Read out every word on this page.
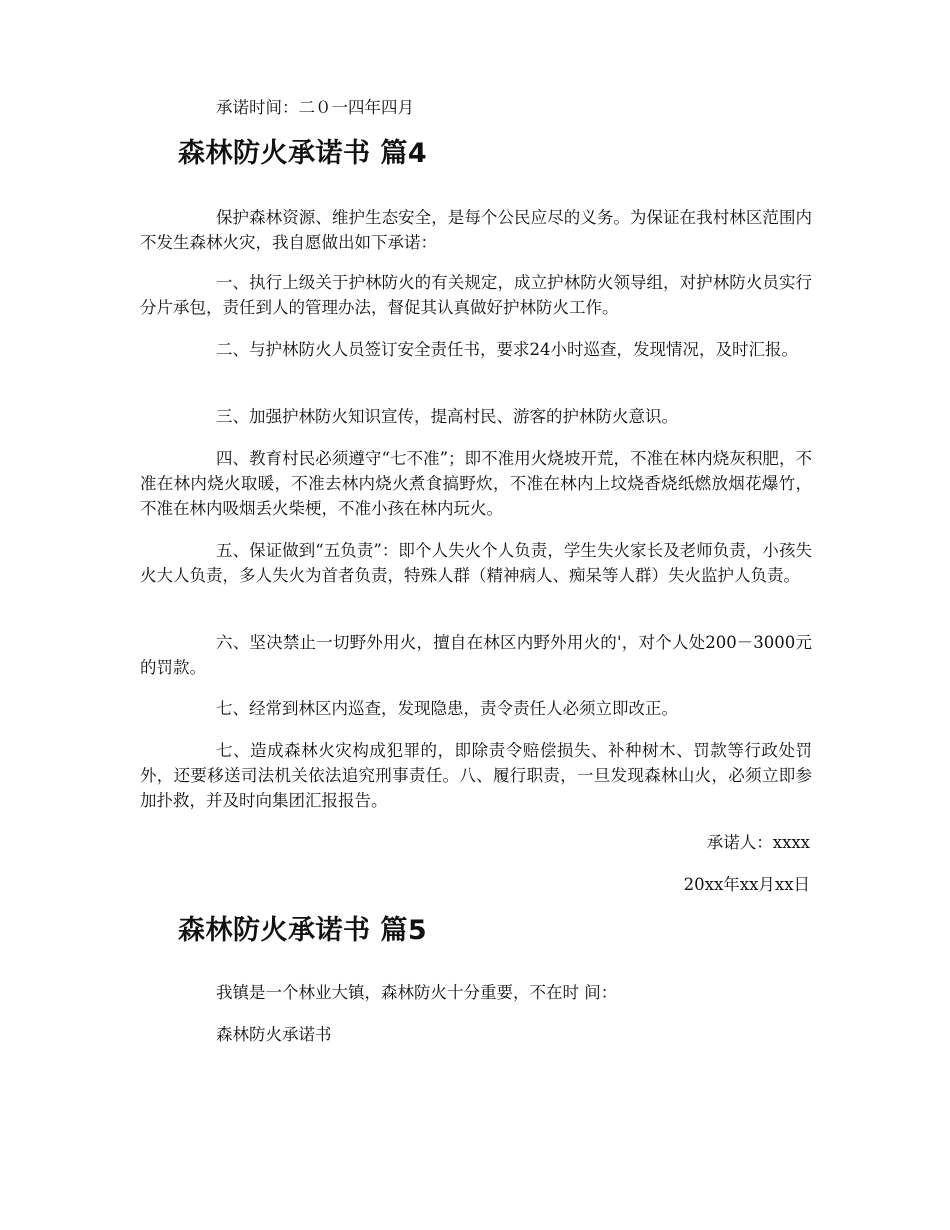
承诺时间：二０一四年四月

森林防火承诺书 篇4

保护森林资源、维护生态安全，是每个公民应尽的义务。为保证在我村林区范围内不发生森林火灾，我自愿做出如下承诺：

一、执行上级关于护林防火的有关规定，成立护林防火领导组，对护林防火员实行分片承包，责任到人的管理办法，督促其认真做好护林防火工作。

二、与护林防火人员签订安全责任书，要求24小时巡查，发现情况，及时汇报。

三、加强护林防火知识宣传，提高村民、游客的护林防火意识。

四、教育村民必须遵守“七不准”；即不准用火烧坡开荒，不准在林内烧灰积肥，不准在林内烧火取暖，不准去林内烧火煮食搞野炊，不准在林内上坟烧香烧纸燃放烟花爆竹，不准在林内吸烟丢火柴梗，不准小孩在林内玩火。

五、保证做到“五负责”：即个人失火个人负责，学生失火家长及老师负责，小孩失火大人负责，多人失火为首者负责，特殊人群（精神病人、痴呆等人群）失火监护人负责。

六、坚决禁止一切野外用火，擅自在林区内野外用火的'，对个人处200－3000元的罚款。

七、经常到林区内巡查，发现隐患，责令责任人必须立即改正。

七、造成森林火灾构成犯罪的，即除责令赔偿损失、补种树木、罚款等行政处罚外，还要移送司法机关依法追究刑事责任。八、履行职责，一旦发现森林山火，必须立即参加扑救，并及时向集团汇报报告。

承诺人：xxxx

20xx年xx月xx日

森林防火承诺书 篇5

我镇是一个林业大镇，森林防火十分重要，不在时 间：

森林防火承诺书
